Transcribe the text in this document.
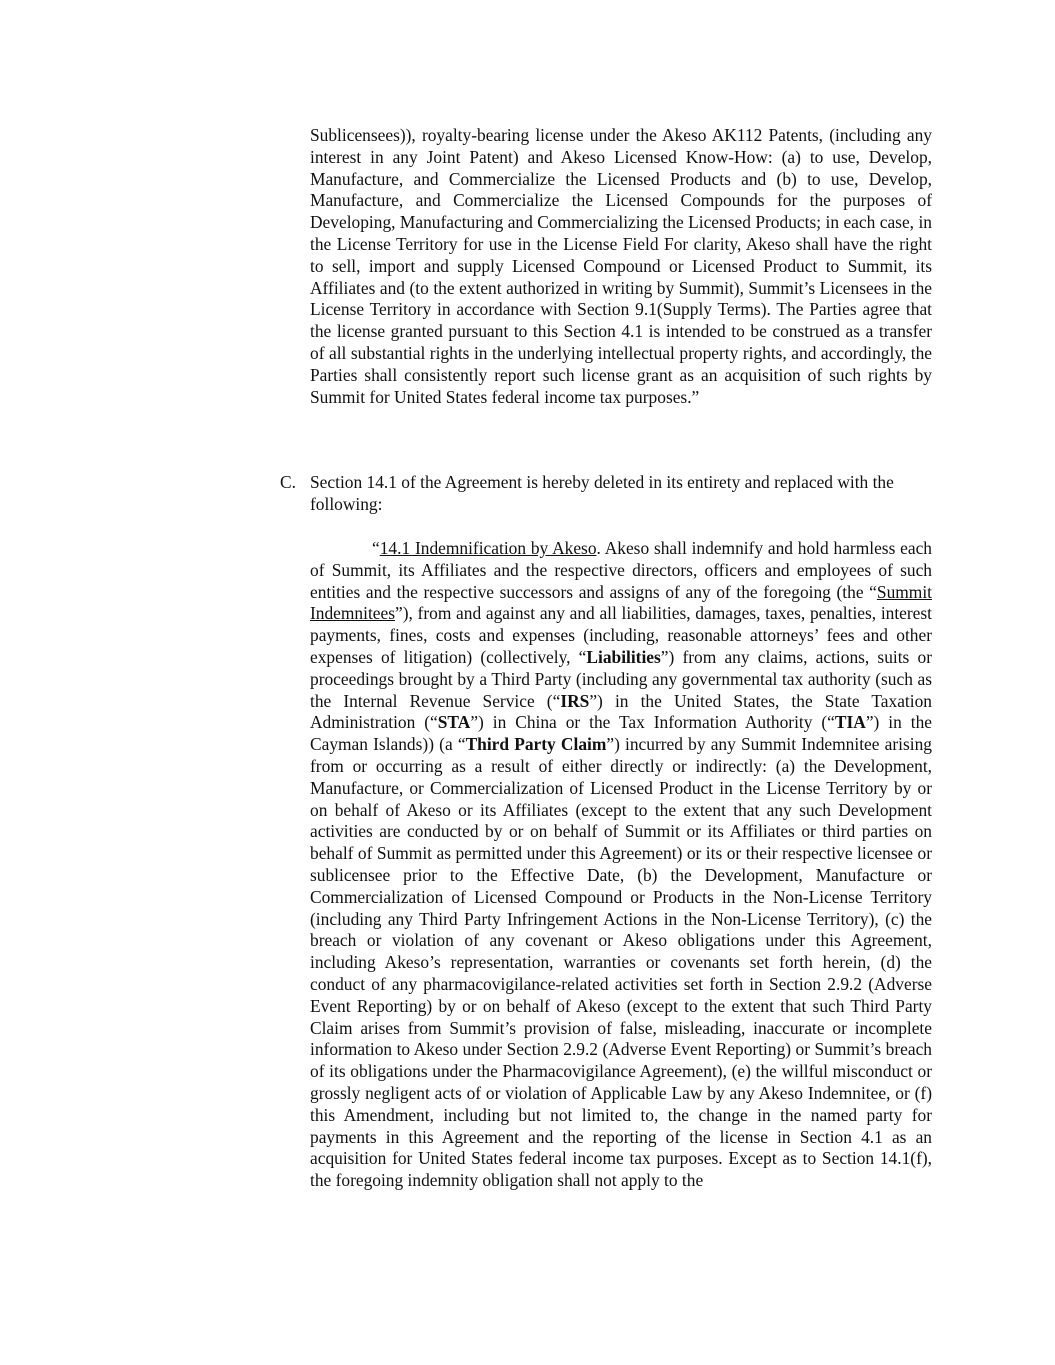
Sublicensees)), royalty-bearing license under the Akeso AK112 Patents, (including any interest in any Joint Patent) and Akeso Licensed Know-How: (a) to use, Develop, Manufacture, and Commercialize the Licensed Products and (b) to use, Develop, Manufacture, and Commercialize the Licensed Compounds for the purposes of Developing, Manufacturing and Commercializing the Licensed Products; in each case, in the License Territory for use in the License Field For clarity, Akeso shall have the right to sell, import and supply Licensed Compound or Licensed Product to Summit, its Affiliates and (to the extent authorized in writing by Summit), Summit’s Licensees in the License Territory in accordance with Section 9.1(Supply Terms). The Parties agree that the license granted pursuant to this Section 4.1 is intended to be construed as a transfer of all substantial rights in the underlying intellectual property rights, and accordingly, the Parties shall consistently report such license grant as an acquisition of such rights by Summit for United States federal income tax purposes.”

C. Section 14.1 of the Agreement is hereby deleted in its entirety and replaced with the following:

“14.1 Indemnification by Akeso. Akeso shall indemnify and hold harmless each of Summit, its Affiliates and the respective directors, officers and employees of such entities and the respective successors and assigns of any of the foregoing (the “Summit Indemnitees”), from and against any and all liabilities, damages, taxes, penalties, interest payments, fines, costs and expenses (including, reasonable attorneys’ fees and other expenses of litigation) (collectively, “Liabilities”) from any claims, actions, suits or proceedings brought by a Third Party (including any governmental tax authority (such as the Internal Revenue Service (“IRS”) in the United States, the State Taxation Administration (“STA”) in China or the Tax Information Authority (“TIA”) in the Cayman Islands)) (a “Third Party Claim”) incurred by any Summit Indemnitee arising from or occurring as a result of either directly or indirectly: (a) the Development, Manufacture, or Commercialization of Licensed Product in the License Territory by or on behalf of Akeso or its Affiliates (except to the extent that any such Development activities are conducted by or on behalf of Summit or its Affiliates or third parties on behalf of Summit as permitted under this Agreement) or its or their respective licensee or sublicensee prior to the Effective Date, (b) the Development, Manufacture or Commercialization of Licensed Compound or Products in the Non-License Territory (including any Third Party Infringement Actions in the Non-License Territory), (c) the breach or violation of any covenant or Akeso obligations under this Agreement, including Akeso’s representation, warranties or covenants set forth herein, (d) the conduct of any pharmacovigilance-related activities set forth in Section 2.9.2 (Adverse Event Reporting) by or on behalf of Akeso (except to the extent that such Third Party Claim arises from Summit’s provision of false, misleading, inaccurate or incomplete information to Akeso under Section 2.9.2 (Adverse Event Reporting) or Summit’s breach of its obligations under the Pharmacovigilance Agreement), (e) the willful misconduct or grossly negligent acts of or violation of Applicable Law by any Akeso Indemnitee, or (f) this Amendment, including but not limited to, the change in the named party for payments in this Agreement and the reporting of the license in Section 4.1 as an acquisition for United States federal income tax purposes. Except as to Section 14.1(f), the foregoing indemnity obligation shall not apply to the
